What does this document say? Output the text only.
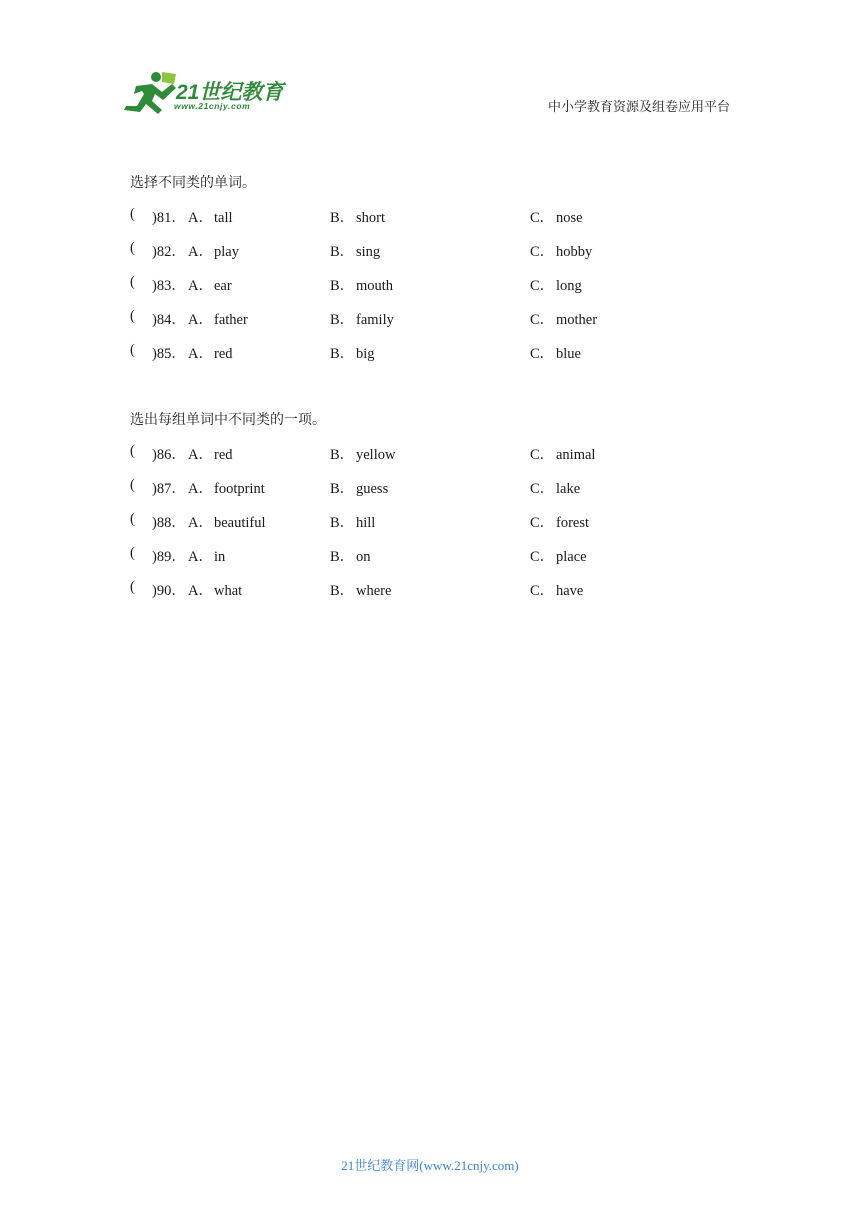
21世纪教育
www.21cnjy.com	中小学教育资源及组卷应用平台
选择不同类的单词。
( )81． A．tall	B． short	C． nose
( )82． A．play	B． sing	C． hobby
( )83． A．ear	B． mouth	C． long
( )84． A．father	B． family	C． mother
( )85． A．red	B． big	C． blue
选出每组单词中不同类的一项。
( )86． A．red	B． yellow	C． animal
( )87． A．footprint	B． guess	C． lake
( )88． A．beautiful	B． hill	C． forest
( )89． A．in	B． on	C． place
( )90． A．what	B． where	C． have
21世纪教育网(www.21cnjy.com)
